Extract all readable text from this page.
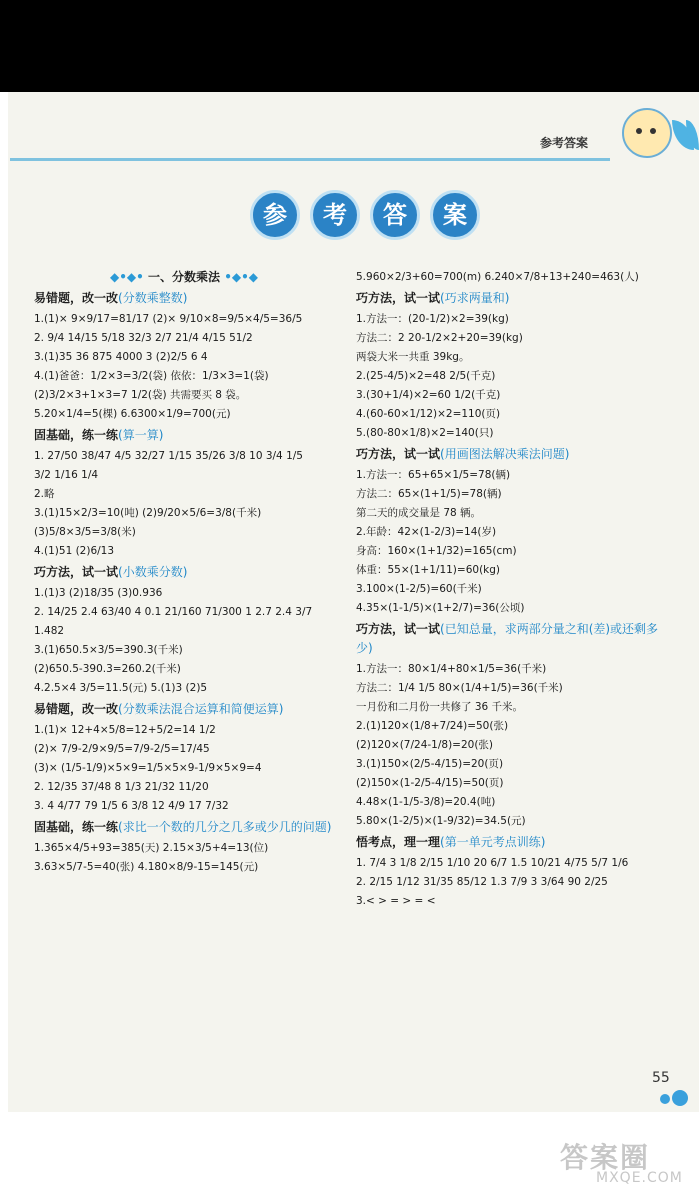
参考答案
参	考	答	案
◆•◆• 一、分数乘法 •◆•◆
易错题，改一改(分数乘整数)
1.(1)× 9×9/17=81/17 (2)× 9/10×8=9/5×4/5=36/5
2. 9/4 14/15 5/18 32/3 2/7 21/4 4/15 51/2
3.(1)35 36 875 4000 3 (2)2/5 6 4
4.(1)爸爸：1/2×3=3/2(袋) 依依：1/3×3=1(袋)
(2)3/2×3+1×3=7 1/2(袋) 共需要买 8 袋。
5.20×1/4=5(棵) 6.6300×1/9=700(元)
固基础，练一练(算一算)
1. 27/50 38/47 4/5 32/27 1/15 35/26 3/8 10 3/4 1/5
3/2 1/16 1/4
2.略
3.(1)15×2/3=10(吨) (2)9/20×5/6=3/8(千米)
(3)5/8×3/5=3/8(米)
4.(1)51 (2)6/13
巧方法，试一试(小数乘分数)
1.(1)3 (2)18/35 (3)0.936
2. 14/25 2.4 63/40 4 0.1 21/160 71/300 1 2.7 2.4 3/7
1.482
3.(1)650.5×3/5=390.3(千米)
(2)650.5-390.3=260.2(千米)
4.2.5×4 3/5=11.5(元) 5.(1)3 (2)5
易错题，改一改(分数乘法混合运算和简便运算)
1.(1)× 12+4×5/8=12+5/2=14 1/2
(2)× 7/9-2/9×9/5=7/9-2/5=17/45
(3)× (1/5-1/9)×5×9=1/5×5×9-1/9×5×9=4
2. 12/35 37/48 8 1/3 21/32 11/20
3. 4 4/77 79 1/5 6 3/8 12 4/9 17 7/32
固基础，练一练(求比一个数的几分之几多或少几的问题)
1.365×4/5+93=385(天) 2.15×3/5+4=13(位)
3.63×5/7-5=40(张) 4.180×8/9-15=145(元)
5.960×2/3+60=700(m) 6.240×7/8+13+240=463(人)
巧方法，试一试(巧求两量和)
1.方法一：(20-1/2)×2=39(kg)
方法二：2 20-1/2×2+20=39(kg)
两袋大米一共重 39kg。
2.(25-4/5)×2=48 2/5(千克)
3.(30+1/4)×2=60 1/2(千克)
4.(60-60×1/12)×2=110(页)
5.(80-80×1/8)×2=140(只)
巧方法，试一试(用画图法解决乘法问题)
1.方法一：65+65×1/5=78(辆)
方法二：65×(1+1/5)=78(辆)
第二天的成交量是 78 辆。
2.年龄：42×(1-2/3)=14(岁)
身高：160×(1+1/32)=165(cm)
体重：55×(1+1/11)=60(kg)
3.100×(1-2/5)=60(千米)
4.35×(1-1/5)×(1+2/7)=36(公顷)
巧方法，试一试(已知总量，求两部分量之和(差)或还剩多少)
1.方法一：80×1/4+80×1/5=36(千米)
方法二：1/4 1/5 80×(1/4+1/5)=36(千米)
一月份和二月份一共修了 36 千米。
2.(1)120×(1/8+7/24)=50(张)
(2)120×(7/24-1/8)=20(张)
3.(1)150×(2/5-4/15)=20(页)
(2)150×(1-2/5-4/15)=50(页)
4.48×(1-1/5-3/8)=20.4(吨)
5.80×(1-2/5)×(1-9/32)=34.5(元)
悟考点，理一理(第一单元考点训练)
1. 7/4 3 1/8 2/15 1/10 20 6/7 1.5 10/21 4/75 5/7 1/6
2. 2/15 1/12 31/35 85/12 1.3 7/9 3 3/64 90 2/25
3.< > = > = <
55
答案圈
MXQE.COM
